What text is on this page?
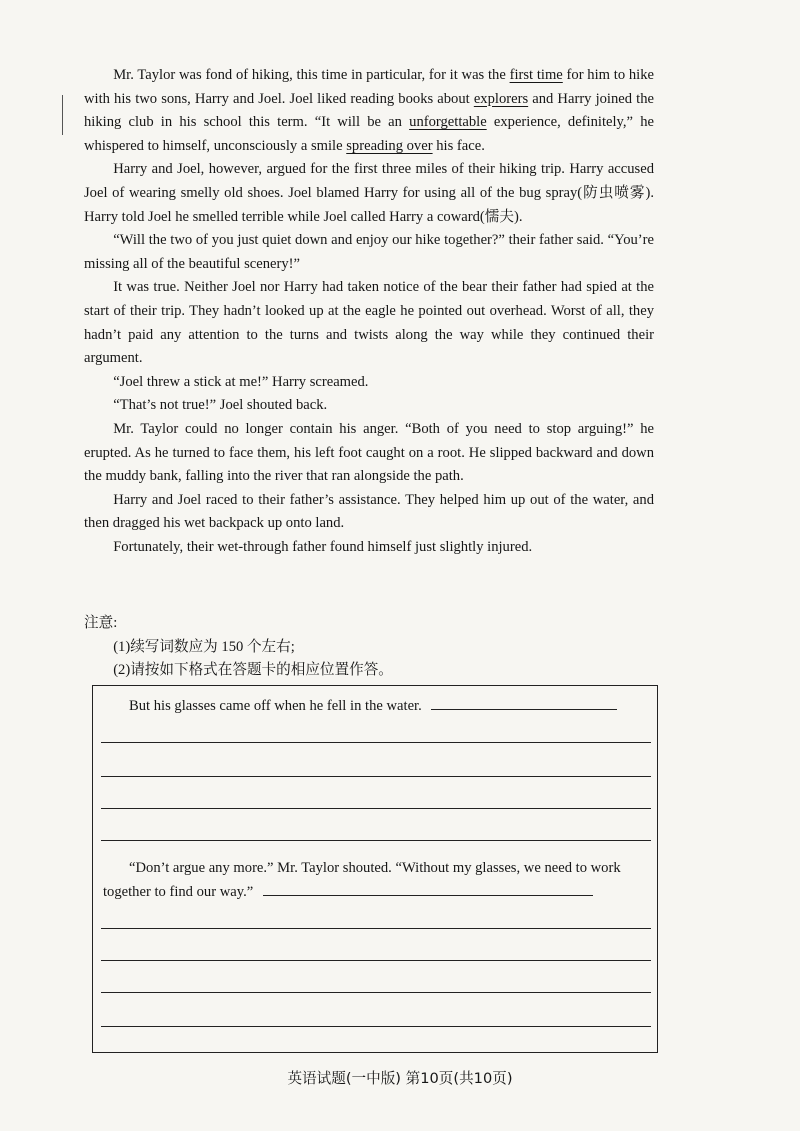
Mr. Taylor was fond of hiking, this time in particular, for it was the first time for him to hike with his two sons, Harry and Joel. Joel liked reading books about explorers and Harry joined the hiking club in his school this term. “It will be an unforgettable experience, definitely,” he whispered to himself, unconsciously a smile spreading over his face.

Harry and Joel, however, argued for the first three miles of their hiking trip. Harry accused Joel of wearing smelly old shoes. Joel blamed Harry for using all of the bug spray(防虫喷雾). Harry told Joel he smelled terrible while Joel called Harry a coward(懦夫).

“Will the two of you just quiet down and enjoy our hike together?” their father said. “You’re missing all of the beautiful scenery!”

It was true. Neither Joel nor Harry had taken notice of the bear their father had spied at the start of their trip. They hadn’t looked up at the eagle he pointed out overhead. Worst of all, they hadn’t paid any attention to the turns and twists along the way while they continued their argument.

“Joel threw a stick at me!” Harry screamed.

“That’s not true!” Joel shouted back.

Mr. Taylor could no longer contain his anger. “Both of you need to stop arguing!” he erupted. As he turned to face them, his left foot caught on a root. He slipped backward and down the muddy bank, falling into the river that ran alongside the path.

Harry and Joel raced to their father’s assistance. They helped him up out of the water, and then dragged his wet backpack up onto land.

Fortunately, their wet-through father found himself just slightly injured.

注意:
(1)续写词数应为 150 个左右;
(2)请按如下格式在答题卡的相应位置作答。
But his glasses came off when he fell in the water.
“Don’t argue any more.” Mr. Taylor shouted. “Without my glasses, we need to work together to find our way.”
英语试题(一中版) 第10页(共10页)
